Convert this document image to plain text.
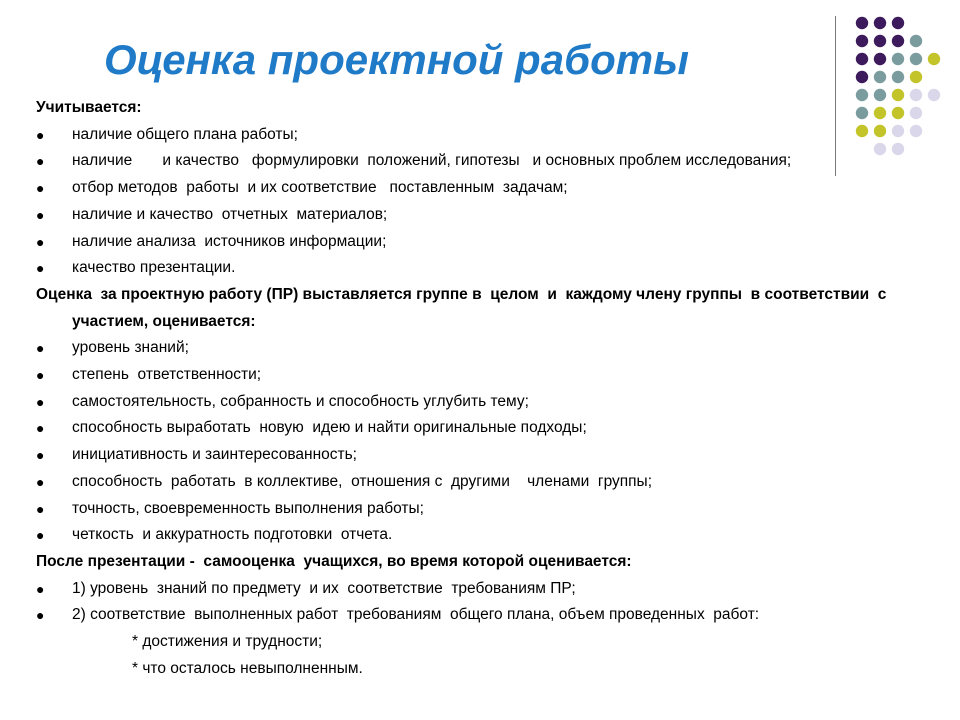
Оценка проектной работы

Учитывается:

● наличие общего плана работы;

● наличие       и качество   формулировки  положений, гипотезы   и основных проблем исследования;

● отбор методов  работы  и их соответствие   поставленным  задачам;

● наличие и качество  отчетных  материалов;

● наличие анализа  источников информации;

● качество презентации.

Оценка  за проектную работу (ПР) выставляется группе в  целом  и  каждому члену группы  в соответствии  с участием, оценивается:

● уровень знаний;

● степень  ответственности;

● самостоятельность, собранность и способность углубить тему;

● способность выработать  новую  идею и найти оригинальные подходы;

● инициативность и заинтересованность;

● способность  работать  в коллективе,  отношения с  другими    членами  группы;

● точность, своевременность выполнения работы;

● четкость  и аккуратность подготовки  отчета.

После презентации -  самооценка  учащихся, во время которой оценивается:

● 1) уровень  знаний по предмету  и их  соответствие  требованиям ПР;

● 2) соответствие  выполненных работ  требованиям  общего плана, объем проведенных  работ:

* достижения и трудности;

* что осталось невыполненным.
